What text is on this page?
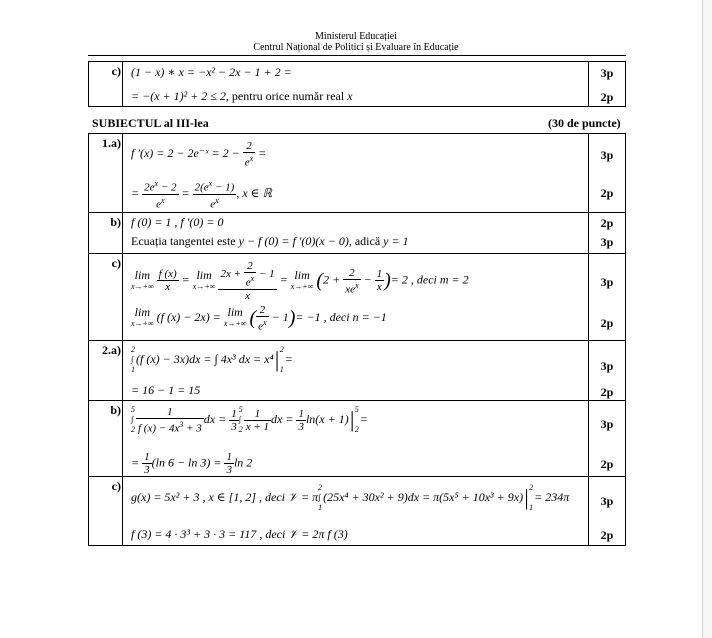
Ministerul Educației
Centrul Național de Politici și Evaluare în Educație
c) (1 − x) ∗ x = −x² − 2x − 1 + 2 =
= −(x + 1)² + 2 ≤ 2, pentru orice număr real x
3p
2p
SUBIECTUL al III-lea	(30 de puncte)
1.a)
f ′(x) = 2 − 2e⁻ˣ = $2 - \frac{2}{e^x}$ =
= $\frac{2e^x - 2}{e^x} = \frac{2(e^x - 1)}{e^x}$ , x ∈ ℝ
3p
2p
b) f (0) = 1 , f ′(0) = 0
Ecuația tangentei este y − f (0) = f ′(0)(x − 0), adică y = 1
2p
3p
c)
lim
x→+∞
$\frac{f (x)}{x} = \lim$
x→+∞
$\frac{2x + \frac{2}{e^x} - 1}{x} = \lim$
x→+∞ ($2 + \frac{2}{xe^x} - \frac{1}{x}$ )= 2 , deci m = 2
lim
x→+∞ (f (x) − 2x) = lim
x→+∞ ( $\frac{2}{e^x} - 1)= -1$ , deci n = −1
3p
2p
2.a) 2
∫
1(f (x) − 3x)dx = ∫ 4x³ dx = x⁴|2

1=
= 16 − 1 = 15
3p
2p
b) 5
∫
$2 \frac{1}{f (x) - 4x^3 + 3}$ dx = $\frac{1}{3} 5$
∫
$2 \frac{1}{x + 1}$ dx = $\frac{1}{3} \ln(x + 1)|5$

2=
= $\frac{1}{3} (\ln$ $6 - \ln 3) = \frac{1}{3}$ ln 2
3p
2p
c)
g(x) = 5x² + 3 , x ∈ [1, 2] , deci 𝒱 = π2
∫
1(25x⁴ + 30x² + 9)dx = π(5x⁵ + 10x³ + 9x)|2

1= 234π
f (3) = 4 · 3³ + 3 · 3 = 117 , deci 𝒱 = 2π f (3)
3p
2p
